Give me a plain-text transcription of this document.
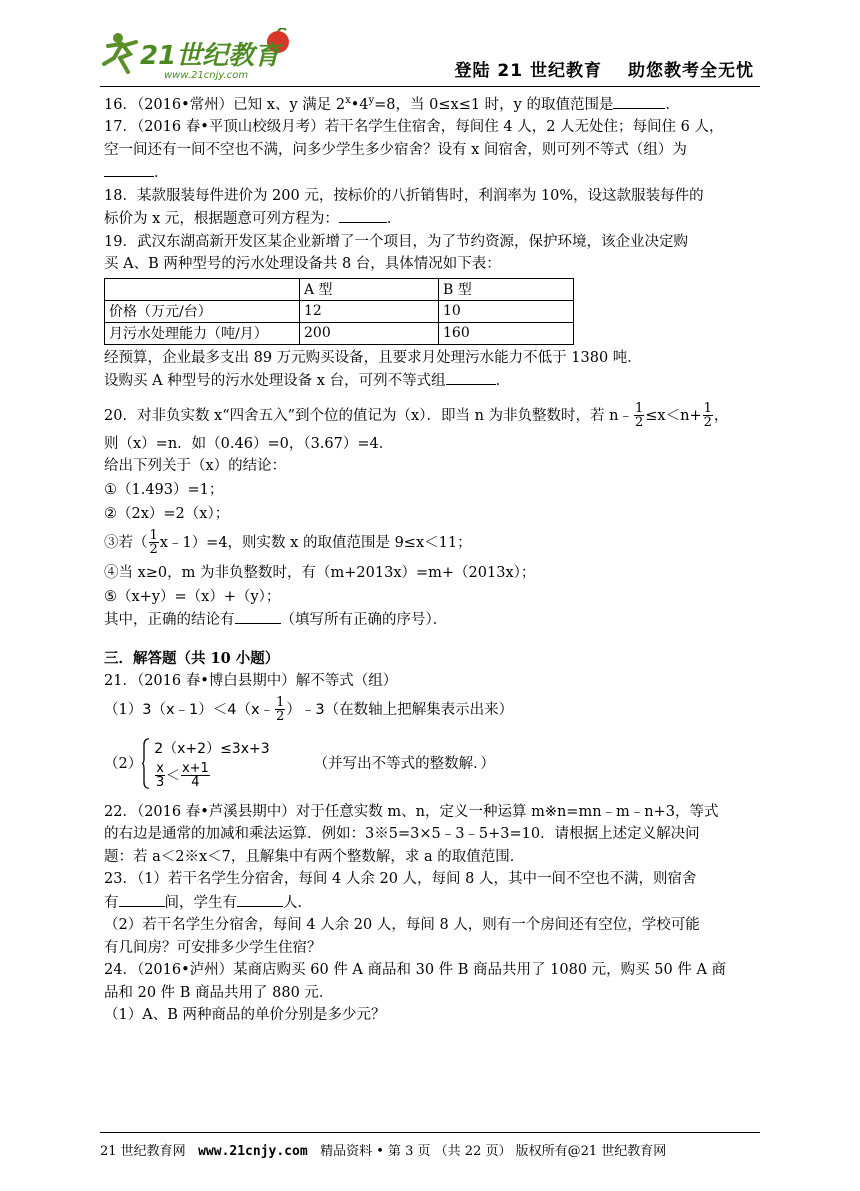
21世纪教育
www.21cnjy.com	登陆 21 世纪教育 助您教考全无忧
16．（2016•常州）已知 x、y 满足 $2^x•4^y=8$，当 0≤x≤1 时，y 的取值范围是	．
17．（2016 春•平顶山校级月考）若干名学生住宿舍，每间住 4 人，2 人无处住；每间住 6 人，
空一间还有一间不空也不满，问多少学生多少宿舍？设有 x 间宿舍，则可列不等式（组）为
．
18．某款服装每件进价为 200 元，按标价的八折销售时，利润率为 10%，设这款服装每件的
标价为 x 元，根据题意可列方程为：	．
19．武汉东湖高新开发区某企业新增了一个项目，为了节约资源，保护环境，该企业决定购
买 A、B 两种型号的污水处理设备共 8 台，具体情况如下表：
	A 型	B 型
价格（万元/台）	12	10
月污水处理能力（吨/月）	200	160
经预算，企业最多支出 89 万元购买设备，且要求月处理污水能力不低于 1380 吨．
设购买 A 种型号的污水处理设备 x 台，可列不等式组	．
20．对非负实数 x“四舍五入”到个位的值记为（x）．即当 n 为非负整数时，若 n﹣ $\frac{1}{2} \le x<n+ \frac{1}{2}$ ，
则（x）=n．如（0.46）=0，（3.67）=4．
给出下列关于（x）的结论：
①（1.493）=1；
②（2x）=2（x）；
③若（ $\frac{1}{2}$ x﹣1）=4，则实数 x 的取值范围是 9≤x＜11；
④当 x≥0，m 为非负整数时，有（m+2013x）=m+（2013x）；
⑤（x+y）=（x）+（y）；
其中，正确的结论有	（填写所有正确的序号）．
三．解答题（共 10 小题）
21．（2016 春•博白县期中）解不等式（组）
（1）3（x﹣1）＜4（x﹣ $\frac{1}{2}$ ）﹣3（在数轴上把解集表示出来）
（2）
2（x+2）≤3x+3
$\frac{x}{3} < \frac{x+1}{4}$	（并写出不等式的整数解．）
22．（2016 春•芦溪县期中）对于任意实数 m、n，定义一种运算 m※n=mn﹣m﹣n+3，等式
的右边是通常的加减和乘法运算．例如：3※5=3×5﹣3﹣5+3=10．请根据上述定义解决问
题：若 a＜2※x＜7，且解集中有两个整数解，求 a 的取值范围．
23．（1）若干名学生分宿舍，每间 4 人余 20 人，每间 8 人，其中一间不空也不满，则宿舍
有	间，学生有	人．
（2）若干名学生分宿舍，每间 4 人余 20 人，每间 8 人，则有一个房间还有空位，学校可能
有几间房？可安排多少学生住宿？
24．（2016•泸州）某商店购买 60 件 A 商品和 30 件 B 商品共用了 1080 元，购买 50 件 A 商
品和 20 件 B 商品共用了 880 元．
（1）A、B 两种商品的单价分别是多少元？
21 世纪教育网 www.21cnjy.com 精品资料 • 第 3 页 （共 22 页） 版权所有@21 世纪教育网
